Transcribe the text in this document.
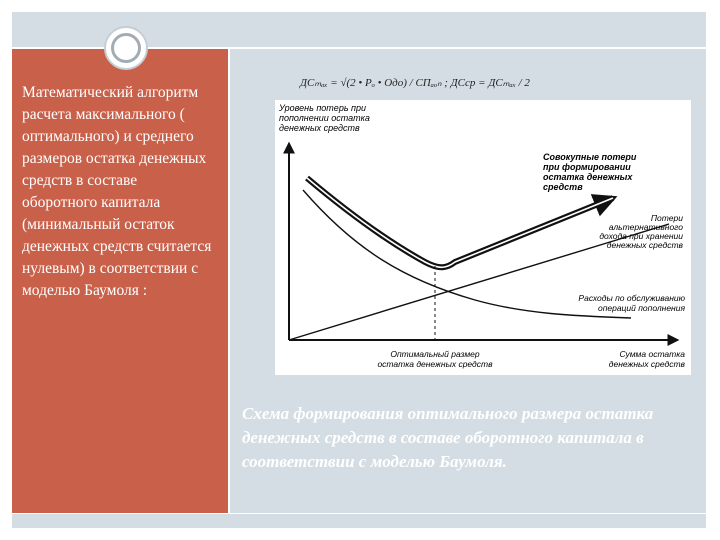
Математический алгоритм расчета максимального ( оптимального) и среднего размеров остатка денежных средств в составе оборотного капитала (минимальный остаток денежных средств считается нулевым) в соответствии с моделью Баумоля :
ДСₘₐₓ = √(2 • Рₒ • Одо) / СПₐₒₙ ; ДСср = ДСₘₐₓ / 2
Уровень потерь при
пополнении остатка
денежных средств
Совокупные потери
при формировании
остатка денежных
средств
Потери
альтернативного
дохода при хранении
денежных средств
Расходы по обслуживанию
операций пополнения
Оптимальный размер
остатка денежных средств
Сумма остатка
денежных средств
Схема формирования оптимального размера остатка денежных средств в составе оборотного капитала в соответствии с моделью Баумоля.
